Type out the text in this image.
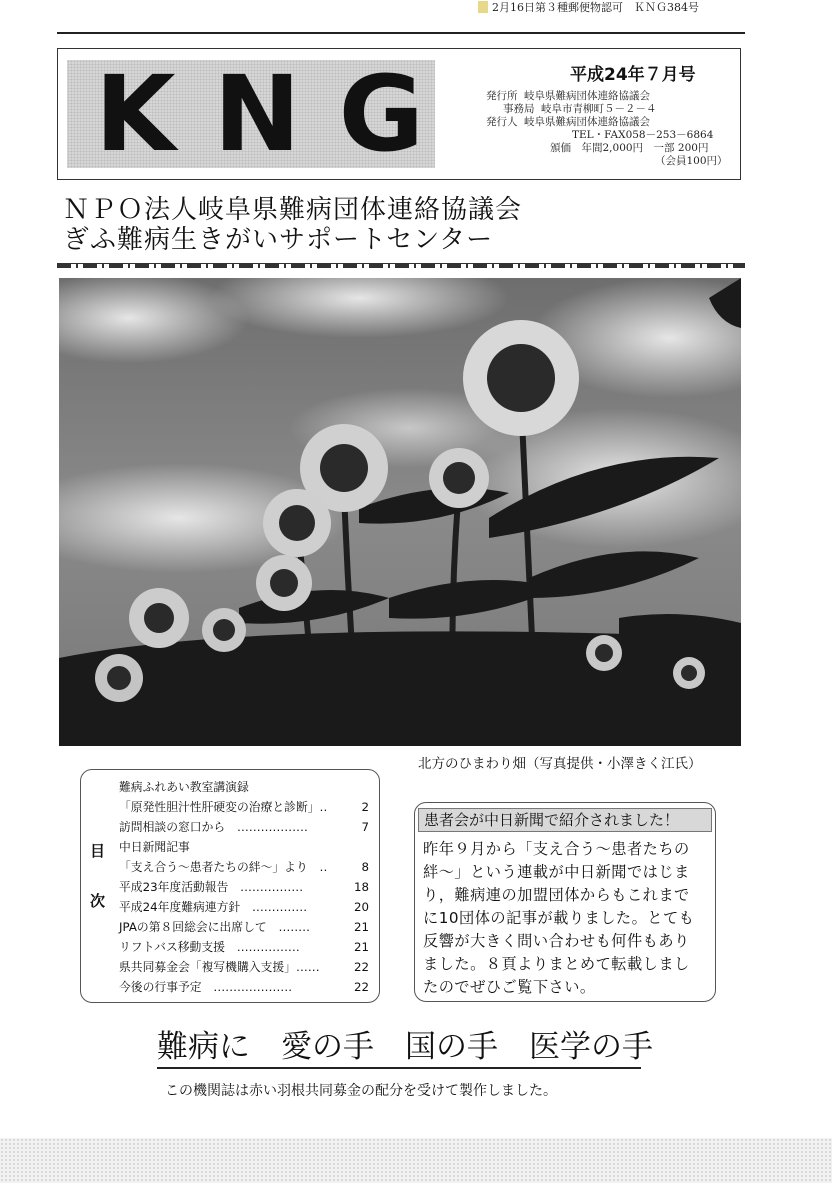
2月16日第３種郵便物認可　ＫＮＧ384号
KNG	平成24年７月号
発行所 岐阜県難病団体連絡協議会
事務局 岐阜市青柳町５－２－４
発行人 岐阜県難病団体連絡協議会
TEL・FAX058－253－6864
頒価　年間2,000円　一部 200円
（会員100円）
ＮＰＯ法人岐阜県難病団体連絡協議会
ぎふ難病生きがいサポートセンター
北方のひまわり畑（写真提供・小澤きく江氏）
目
次
難病ふれあい教室講演録
「原発性胆汁性肝硬変の治療と診断」‥	2
訪問相談の窓口から　‥‥‥‥‥‥‥‥‥	7
中日新聞記事
「支え合う～患者たちの絆～」より　‥	8
平成23年度活動報告　‥‥‥‥‥‥‥‥	18
平成24年度難病連方針　‥‥‥‥‥‥‥	20
JPAの第８回総会に出席して　‥‥‥‥	21
リフトバス移動支援　‥‥‥‥‥‥‥‥	21
県共同募金会「複写機購入支援」‥‥‥	22
今後の行事予定　‥‥‥‥‥‥‥‥‥‥	22
患者会が中日新聞で紹介されました！
昨年９月から「支え合う～患者たちの
絆～」という連載が中日新聞ではじま
り，難病連の加盟団体からもこれまで
に10団体の記事が載りました。とても
反響が大きく問い合わせも何件もあり
ました。８頁よりまとめて転載しまし
たのでぜひご覧下さい。
難病に　愛の手　国の手　医学の手
この機関誌は赤い羽根共同募金の配分を受けて製作しました。
